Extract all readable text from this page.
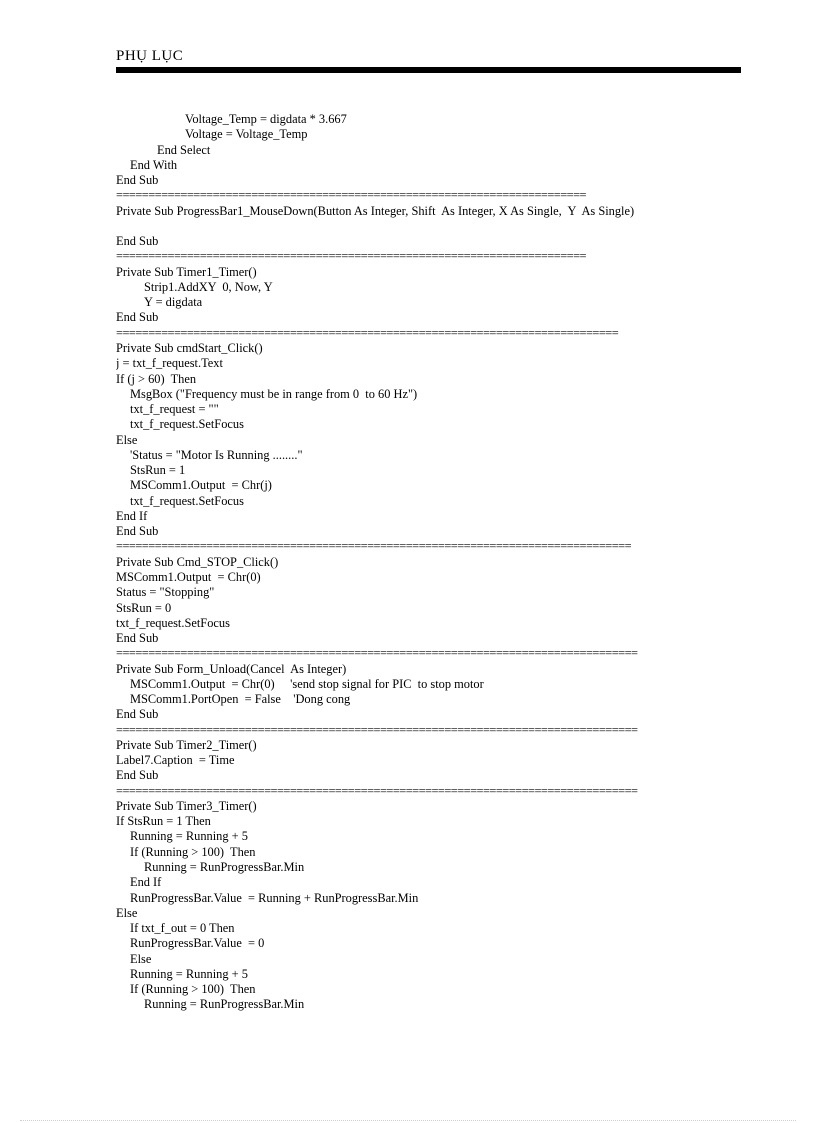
PHỤ LỤC
Voltage_Temp = digdata * 3.667
Voltage = Voltage_Temp
End Select
End With
End Sub
=========================================================================
Private Sub ProgressBar1_MouseDown(Button As Integer, Shift  As Integer, X As Single,  Y  As Single)
End Sub
=========================================================================
Private Sub Timer1_Timer()
Strip1.AddXY  0, Now, Y
Y = digdata
End Sub
==============================================================================
Private Sub cmdStart_Click()
j = txt_f_request.Text
If (j > 60)  Then
MsgBox ("Frequency must be in range from 0  to 60 Hz")
txt_f_request = ""
txt_f_request.SetFocus
Else
'Status = "Motor Is Running ........"
StsRun = 1
MSComm1.Output  = Chr(j)
txt_f_request.SetFocus
End If
End Sub
================================================================================
Private Sub Cmd_STOP_Click()
MSComm1.Output  = Chr(0)
Status = "Stopping"
StsRun = 0
txt_f_request.SetFocus
End Sub
=================================================================================
Private Sub Form_Unload(Cancel  As Integer)
MSComm1.Output  = Chr(0)     'send stop signal for PIC  to stop motor
MSComm1.PortOpen  = False    'Dong cong
End Sub
=================================================================================
Private Sub Timer2_Timer()
Label7.Caption  = Time
End Sub
=================================================================================
Private Sub Timer3_Timer()
If StsRun = 1 Then
Running = Running + 5
If (Running > 100)  Then
Running = RunProgressBar.Min
End If
RunProgressBar.Value  = Running + RunProgressBar.Min
Else
If txt_f_out = 0 Then
RunProgressBar.Value  = 0
Else
Running = Running + 5
If (Running > 100)  Then
Running = RunProgressBar.Min
